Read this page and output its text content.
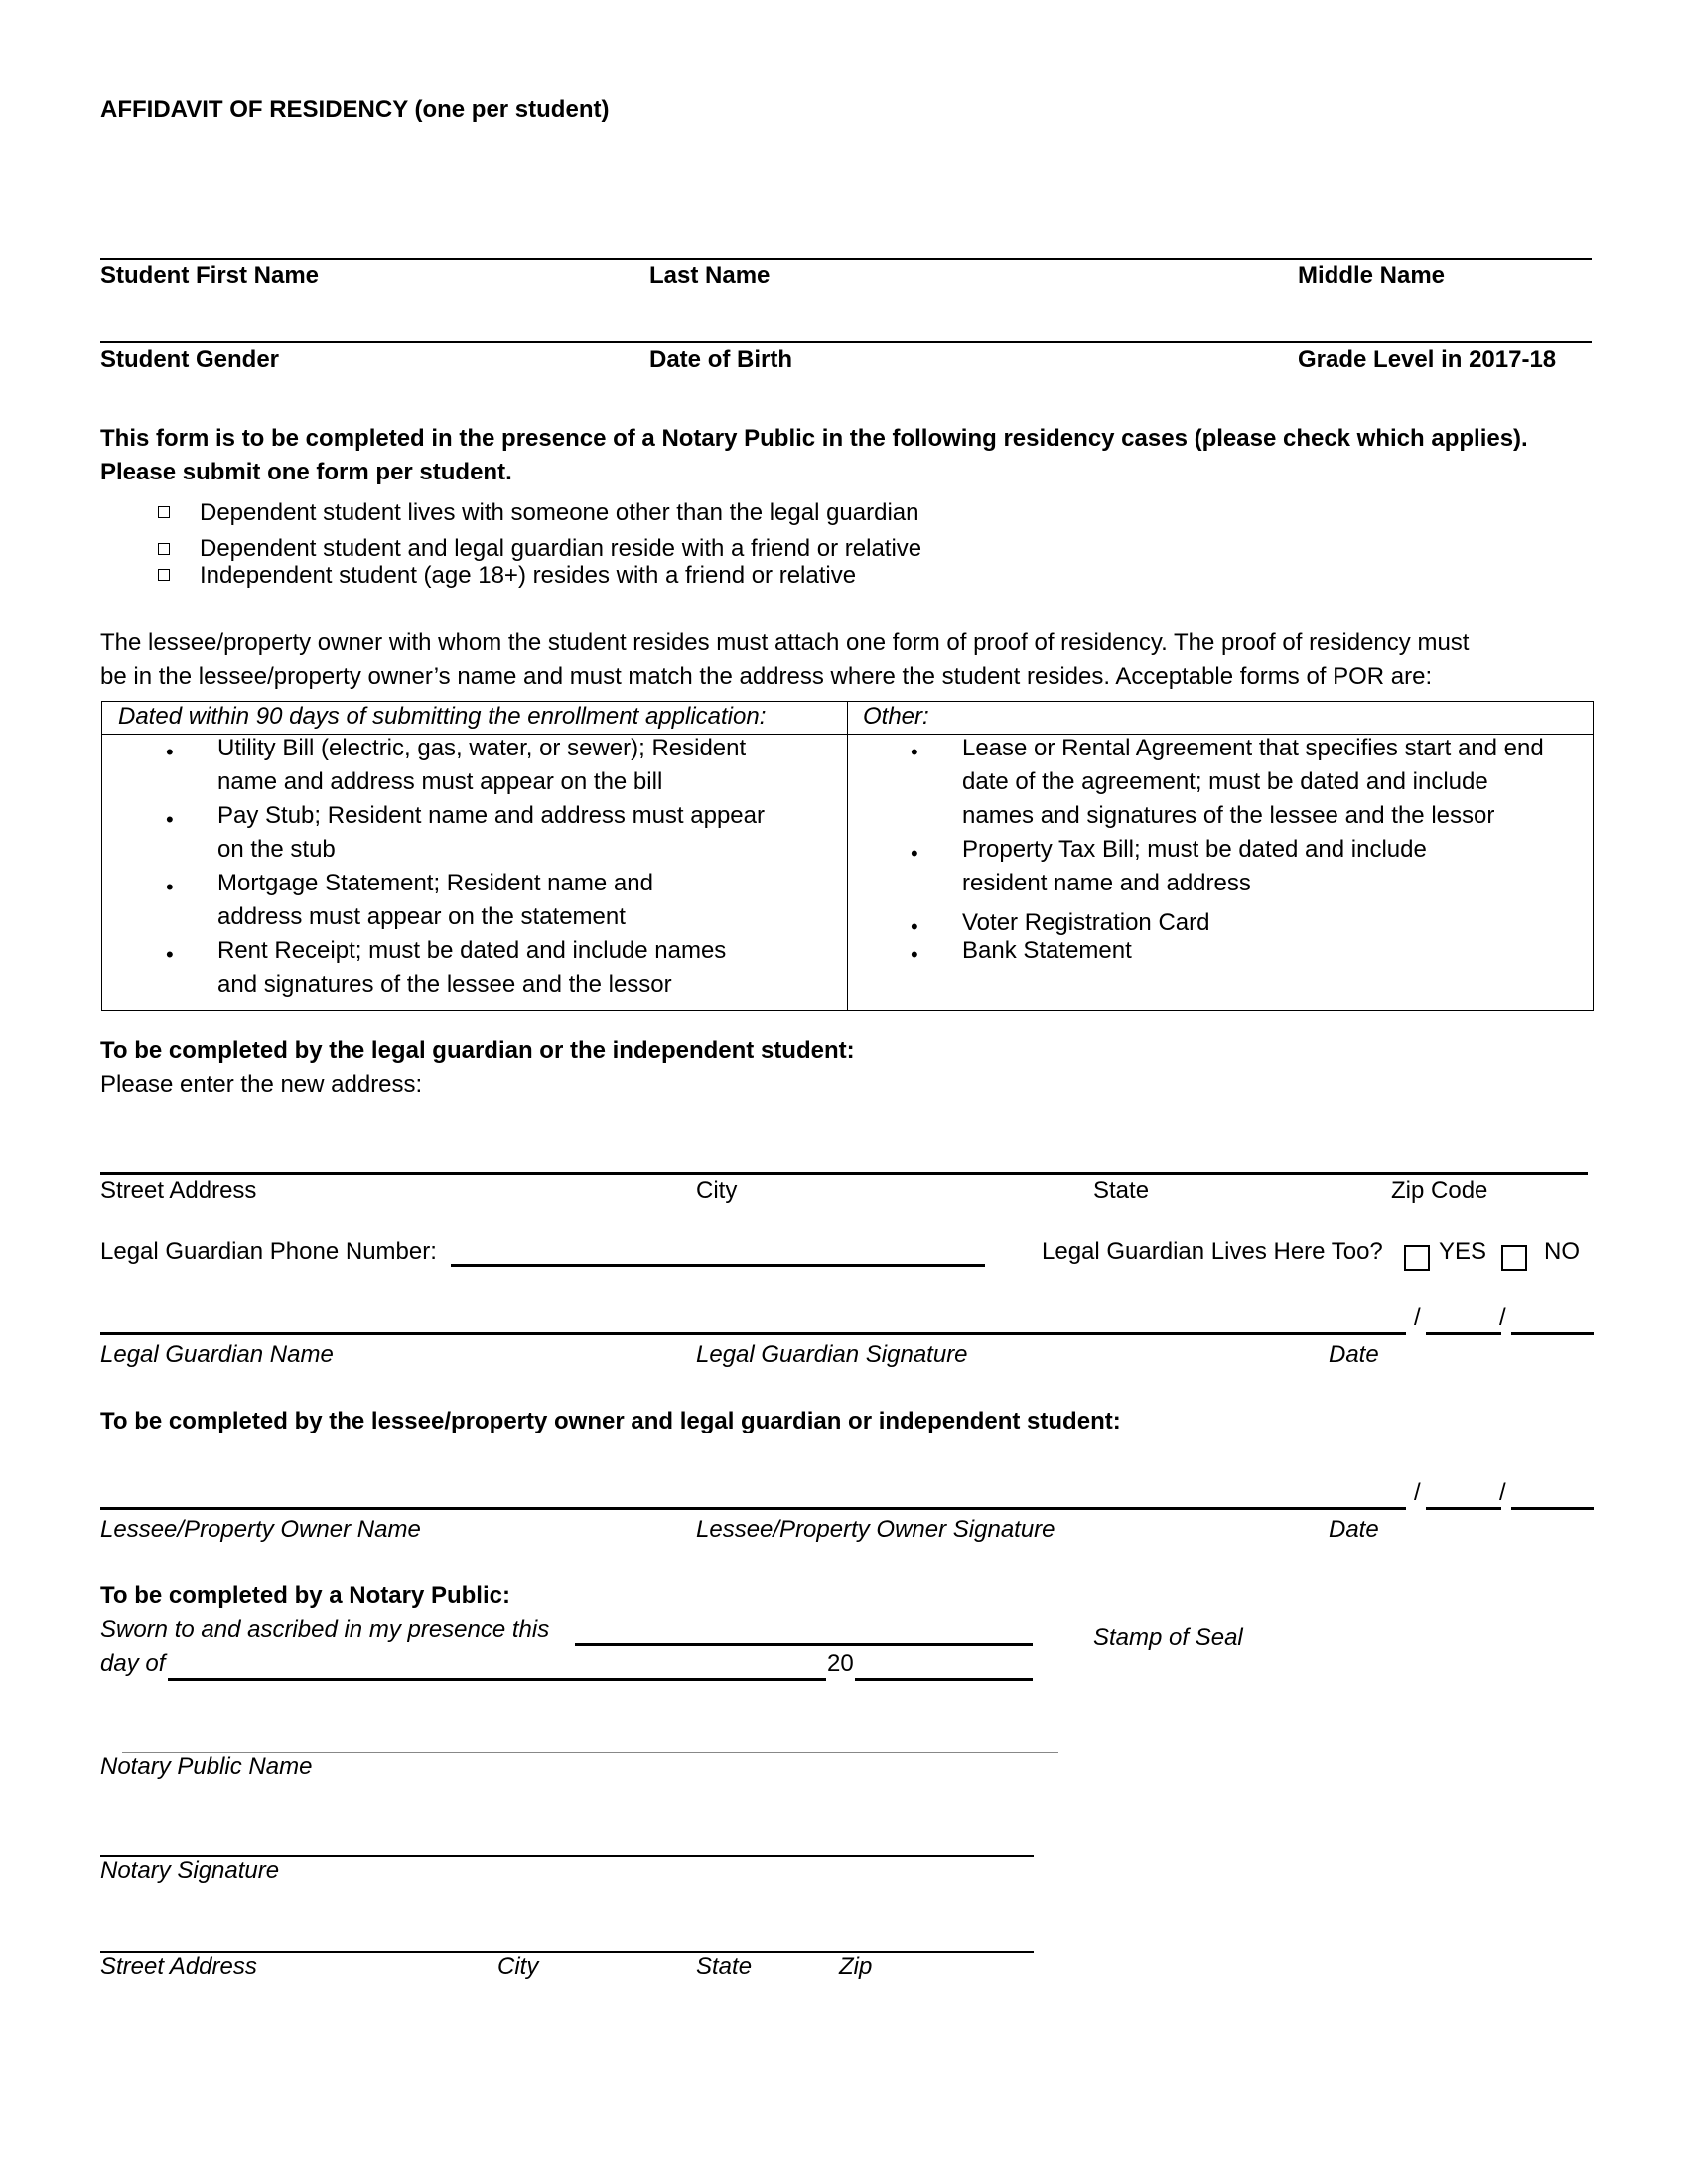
AFFIDAVIT OF RESIDENCY (one per student)
Student First Name	Last Name	Middle Name
Student Gender	Date of Birth	Grade Level in 2017-18
This form is to be completed in the presence of a Notary Public in the following residency cases (please check which applies).
Please submit one form per student.
Dependent student lives with someone other than the legal guardian
Dependent student and legal guardian reside with a friend or relative
Independent student (age 18+) resides with a friend or relative
The lessee/property owner with whom the student resides must attach one form of proof of residency. The proof of residency must
be in the lessee/property owner’s name and must match the address where the student resides. Acceptable forms of POR are:
Dated within 90 days of submitting the enrollment application:	Other:
• Utility Bill (electric, gas, water, or sewer); Resident
name and address must appear on the bill
• Pay Stub; Resident name and address must appear
on the stub
• Mortgage Statement; Resident name and
address must appear on the statement
• Rent Receipt; must be dated and include names
and signatures of the lessee and the lessor
• Lease or Rental Agreement that specifies start and end
date of the agreement; must be dated and include
names and signatures of the lessee and the lessor
• Property Tax Bill; must be dated and include
resident name and address
• Voter Registration Card
• Bank Statement
To be completed by the legal guardian or the independent student:
Please enter the new address:
Street Address	City	State	Zip Code
Legal Guardian Phone Number:	Legal Guardian Lives Here Too? YES NO
/	/
Legal Guardian Name	Legal Guardian Signature	Date
To be completed by the lessee/property owner and legal guardian or independent student:
/	/
Lessee/Property Owner Name	Lessee/Property Owner Signature	Date
To be completed by a Notary Public:
Sworn to and ascribed in my presence this
day of	20
Stamp of Seal
Notary Public Name
Notary Signature
Street Address	City	State	Zip
